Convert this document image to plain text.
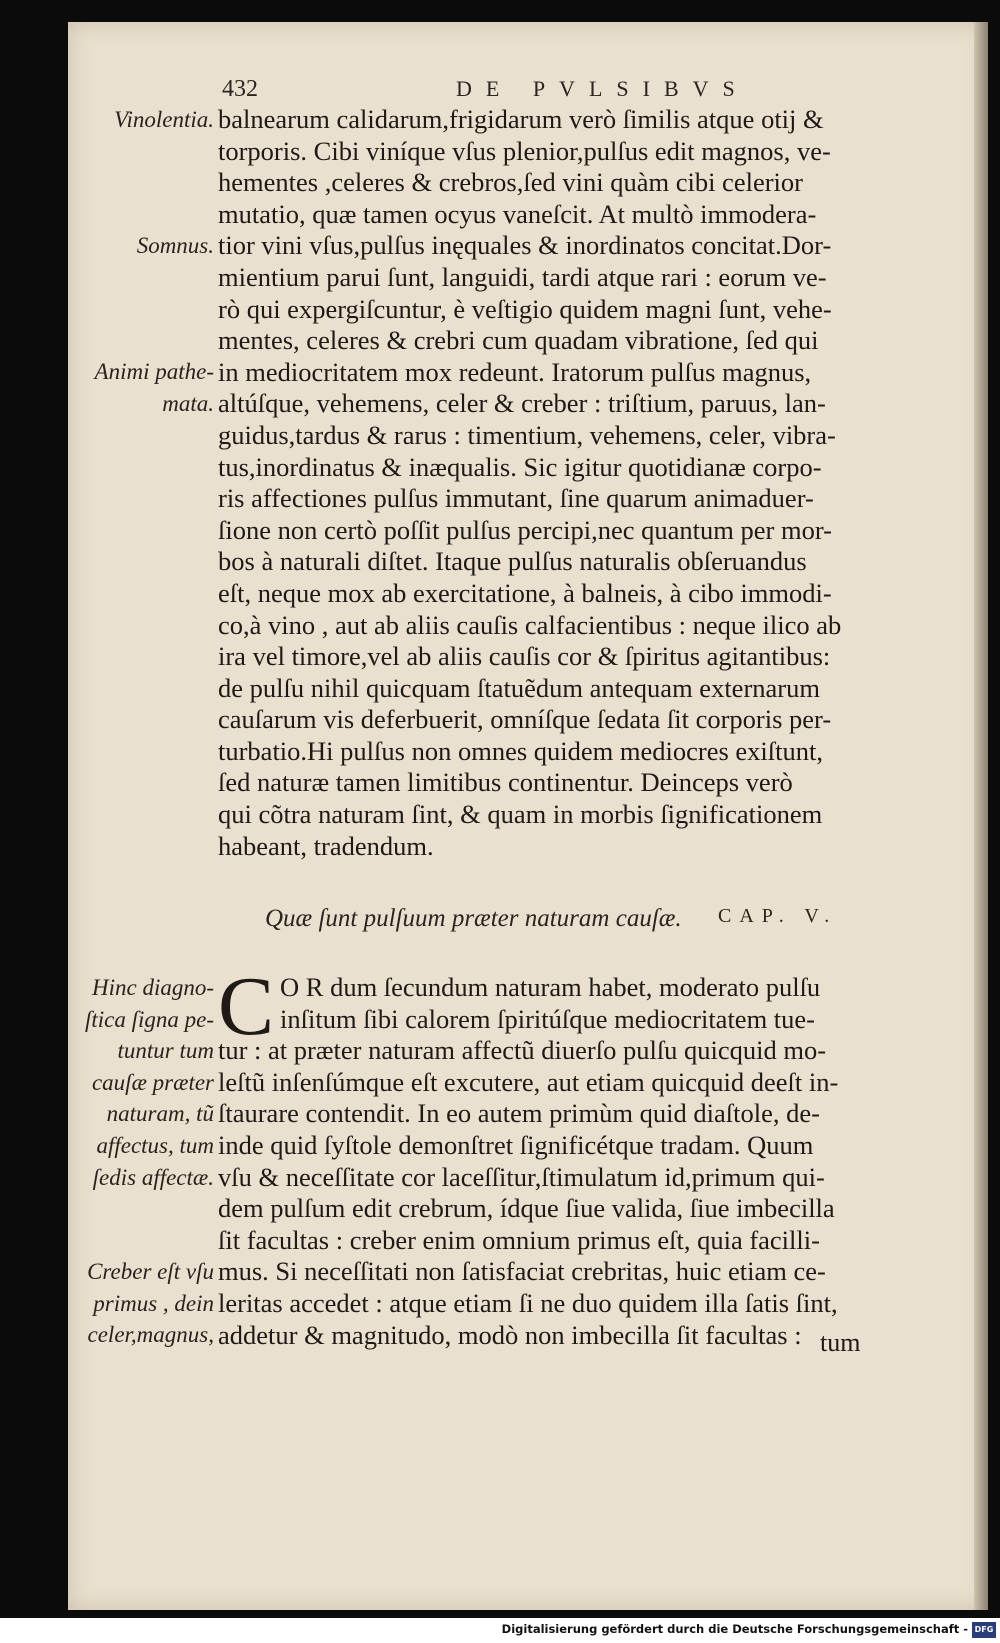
432	DE PVLSIBVS
Vinolentia.
Somnus.
Animi pathe-
mata.
balnearum calidarum,frigidarum verò ſimilis atque otij &
torporis. Cibi viníque vſus plenior,pulſus edit magnos, ve-
hementes ,celeres & crebros,ſed vini quàm cibi celerior
mutatio, quæ tamen ocyus vaneſcit. At multò immodera-
tior vini vſus,pulſus inęquales & inordinatos concitat.Dor-
mientium parui ſunt, languidi, tardi atque rari : eorum ve-
rò qui expergiſcuntur, è veſtigio quidem magni ſunt, vehe-
mentes, celeres & crebri cum quadam vibratione, ſed qui
in mediocritatem mox redeunt. Iratorum pulſus magnus,
altúſque, vehemens, celer & creber : triſtium, paruus, lan-
guidus,tardus & rarus : timentium, vehemens, celer, vibra-
tus,inordinatus & inæqualis. Sic igitur quotidianæ corpo-
ris affectiones pulſus immutant, ſine quarum animaduer-
ſione non certò poſſit pulſus percipi,nec quantum per mor-
bos à naturali diſtet. Itaque pulſus naturalis obſeruandus
eſt, neque mox ab exercitatione, à balneis, à cibo immodi-
co,à vino , aut ab aliis cauſis calfacientibus : neque ilico ab
ira vel timore,vel ab aliis cauſis cor & ſpiritus agitantibus:
de pulſu nihil quicquam ſtatuẽdum antequam externarum
cauſarum vis deferbuerit, omníſque ſedata ſit corporis per-
turbatio.Hi pulſus non omnes quidem mediocres exiſtunt,
ſed naturæ tamen limitibus continentur. Deinceps verò
qui cõtra naturam ſint, & quam in morbis ſignificationem
habeant, tradendum.
Quæ ſunt pulſuum præter naturam cauſæ. CAP. V.
Hinc diagno-
ſtica ſigna pe-
tuntur tum
cauſæ præter
naturam, tũ
affectus, tum
ſedis affectæ.
Creber eſt vſu
primus , dein
celer,magnus,
C O R dum ſecundum naturam habet, moderato pulſu
inſitum ſibi calorem ſpiritúſque mediocritatem tue-
tur : at præter naturam affectũ diuerſo pulſu quicquid mo-
leſtũ inſenſúmque eſt excutere, aut etiam quicquid deeſt in-
ſtaurare contendit. In eo autem primùm quid diaſtole, de-
inde quid ſyſtole demonſtret ſignificétque tradam. Quum
vſu & neceſſitate cor laceſſitur,ſtimulatum id,primum qui-
dem pulſum edit crebrum, ídque ſiue valida, ſiue imbecilla
ſit facultas : creber enim omnium primus eſt, quia facilli-
mus. Si neceſſitati non ſatisfaciat crebritas, huic etiam ce-
leritas accedet : atque etiam ſi ne duo quidem illa ſatis ſint,
addetur & magnitudo, modò non imbecilla ſit facultas : tum
Digitalisierung gefördert durch die Deutsche Forschungsgemeinschaft - DFG
